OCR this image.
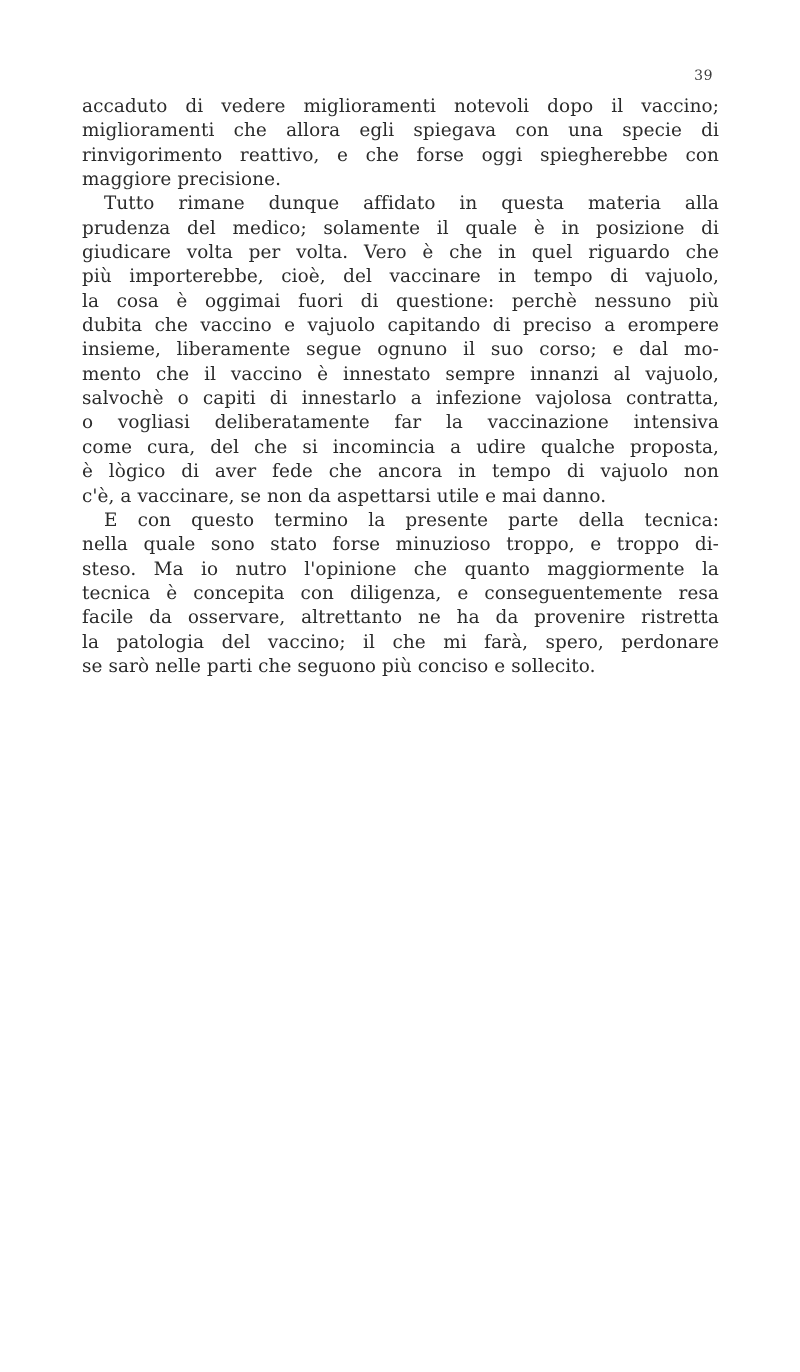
39
accaduto di vedere miglioramenti notevoli dopo il vaccino;
miglioramenti che allora egli spiegava con una specie di
rinvigorimento reattivo, e che forse oggi spiegherebbe con
maggiore precisione.
Tutto rimane dunque affidato in questa materia alla
prudenza del medico; solamente il quale è in posizione di
giudicare volta per volta. Vero è che in quel riguardo che
più importerebbe, cioè, del vaccinare in tempo di vajuolo,
la cosa è oggimai fuori di questione: perchè nessuno più
dubita che vaccino e vajuolo capitando di preciso a erompere
insieme, liberamente segue ognuno il suo corso; e dal mo-
mento che il vaccino è innestato sempre innanzi al vajuolo,
salvochè o capiti di innestarlo a infezione vajolosa contratta,
o vogliasi deliberatamente far la vaccinazione intensiva
come cura, del che si incomincia a udire qualche proposta,
è lògico di aver fede che ancora in tempo di vajuolo non
c'è, a vaccinare, se non da aspettarsi utile e mai danno.
E con questo termino la presente parte della tecnica:
nella quale sono stato forse minuzioso troppo, e troppo di-
steso. Ma io nutro l'opinione che quanto maggiormente la
tecnica è concepita con diligenza, e conseguentemente resa
facile da osservare, altrettanto ne ha da provenire ristretta
la patologia del vaccino; il che mi farà, spero, perdonare
se sarò nelle parti che seguono più conciso e sollecito.
